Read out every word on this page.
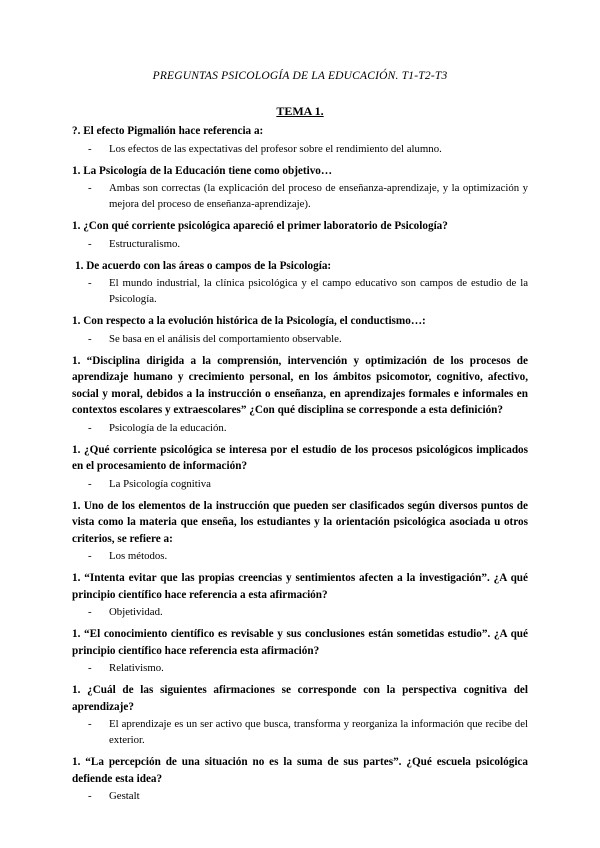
PREGUNTAS PSICOLOGÍA DE LA EDUCACIÓN. T1-T2-T3
TEMA 1.
?. El efecto Pigmalión hace referencia a:
- Los efectos de las expectativas del profesor sobre el rendimiento del alumno.
1. La Psicología de la Educación tiene como objetivo…
- Ambas son correctas (la explicación del proceso de enseñanza-aprendizaje, y la optimización y mejora del proceso de enseñanza-aprendizaje).
1. ¿Con qué corriente psicológica apareció el primer laboratorio de Psicología?
- Estructuralismo.
1. De acuerdo con las áreas o campos de la Psicología:
- El mundo industrial, la clínica psicológica y el campo educativo son campos de estudio de la Psicología.
1. Con respecto a la evolución histórica de la Psicología, el conductismo…:
- Se basa en el análisis del comportamiento observable.
1. “Disciplina dirigida a la comprensión, intervención y optimización de los procesos de aprendizaje humano y crecimiento personal, en los ámbitos psicomotor, cognitivo, afectivo, social y moral, debidos a la instrucción o enseñanza, en aprendizajes formales e informales en contextos escolares y extraescolares” ¿Con qué disciplina se corresponde a esta definición?
- Psicología de la educación.
1. ¿Qué corriente psicológica se interesa por el estudio de los procesos psicológicos implicados en el procesamiento de información?
- La Psicología cognitiva
1. Uno de los elementos de la instrucción que pueden ser clasificados según diversos puntos de vista como la materia que enseña, los estudiantes y la orientación psicológica asociada u otros criterios, se refiere a:
- Los métodos.
1. “Intenta evitar que las propias creencias y sentimientos afecten a la investigación”. ¿A qué principio científico hace referencia a esta afirmación?
- Objetividad.
1. “El conocimiento científico es revisable y sus conclusiones están sometidas estudio”. ¿A qué principio científico hace referencia esta afirmación?
- Relativismo.
1. ¿Cuál de las siguientes afirmaciones se corresponde con la perspectiva cognitiva del aprendizaje?
- El aprendizaje es un ser activo que busca, transforma y reorganiza la información que recibe del exterior.
1. “La percepción de una situación no es la suma de sus partes”. ¿Qué escuela psicológica defiende esta idea?
- Gestalt
